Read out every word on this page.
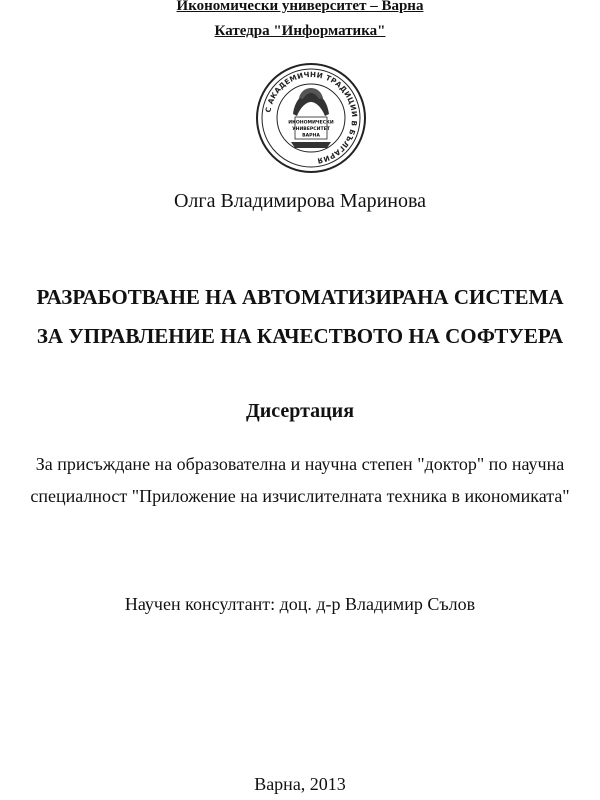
Икономически университет – Варна
Катедра "Информатика"
С АКАДЕМИЧНИ ТРАДИЦИИ В БЪЛГАРИЯ
ИКОНОМИЧЕСКИ
УНИВЕРСИТЕТ
ВАРНА
Олга Владимирова Маринова
РАЗРАБОТВАНЕ НА АВТОМАТИЗИРАНА СИСТЕМА
ЗА УПРАВЛЕНИЕ НА КАЧЕСТВОТО НА СОФТУЕРА
Дисертация
За присъждане на образователна и научна степен "доктор" по научна специалност "Приложение на изчислителната техника в икономиката"
Научен консултант: доц. д-р Владимир Сълов
Варна, 2013
